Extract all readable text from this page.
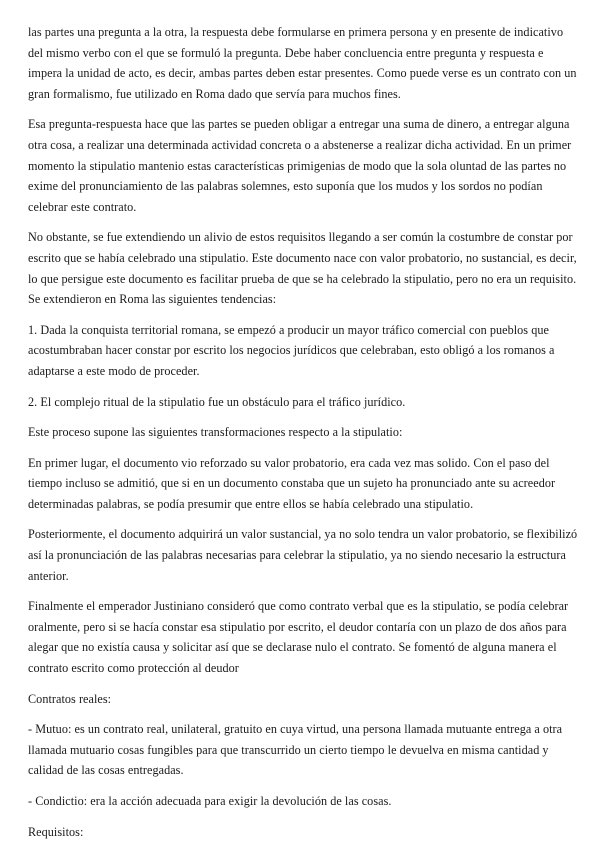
las partes una pregunta a la otra, la respuesta debe formularse en primera persona y en presente de indicativo del mismo verbo con el que se formuló la pregunta. Debe haber concluencia entre pregunta y respuesta e impera la unidad de acto, es decir, ambas partes deben estar presentes. Como puede verse es un contrato con un gran formalismo, fue utilizado en Roma dado que servía para muchos fines.

Esa pregunta-respuesta hace que las partes se pueden obligar a entregar una suma de dinero, a entregar alguna otra cosa, a realizar una determinada actividad concreta o a abstenerse a realizar dicha actividad. En un primer momento la stipulatio mantenio estas características primigenias de modo que la sola oluntad de las partes no exime del pronunciamiento de las palabras solemnes, esto suponía que los mudos y los sordos no podían celebrar este contrato.

No obstante, se fue extendiendo un alivio de estos requisitos llegando a ser común la costumbre de constar por escrito que se había celebrado una stipulatio. Este documento nace con valor probatorio, no sustancial, es decir, lo que persigue este documento es facilitar prueba de que se ha celebrado la stipulatio, pero no era un requisito. Se extendieron en Roma las siguientes tendencias:

1. Dada la conquista territorial romana, se empezó a producir un mayor tráfico comercial con pueblos que acostumbraban hacer constar por escrito los negocios jurídicos que celebraban, esto obligó a los romanos a adaptarse a este modo de proceder.

2. El complejo ritual de la stipulatio fue un obstáculo para el tráfico jurídico.

Este proceso supone las siguientes transformaciones respecto a la stipulatio:

En primer lugar, el documento vio reforzado su valor probatorio, era cada vez mas solido. Con el paso del tiempo incluso se admitió, que si en un documento constaba que un sujeto ha pronunciado ante su acreedor determinadas palabras, se podía presumir que entre ellos se había celebrado una stipulatio.

Posteriormente, el documento adquirirá un valor sustancial, ya no solo tendra un valor probatorio, se flexibilizó así la pronunciación de las palabras necesarias para celebrar la stipulatio, ya no siendo necesario la estructura anterior.

Finalmente el emperador Justiniano consideró que como contrato verbal que es la stipulatio, se podía celebrar oralmente, pero si se hacía constar esa stipulatio por escrito, el deudor contaría con un plazo de dos años para alegar que no existía causa y solicitar así que se declarase nulo el contrato. Se fomentó de alguna manera el contrato escrito como protección al deudor

Contratos reales:

- Mutuo: es un contrato real, unilateral, gratuito en cuya virtud, una persona llamada mutuante entrega a otra llamada mutuario cosas fungibles para que transcurrido un cierto tiempo le devuelva en misma cantidad y calidad de las cosas entregadas.

- Condictio: era la acción adecuada para exigir la devolución de las cosas.

Requisitos:
